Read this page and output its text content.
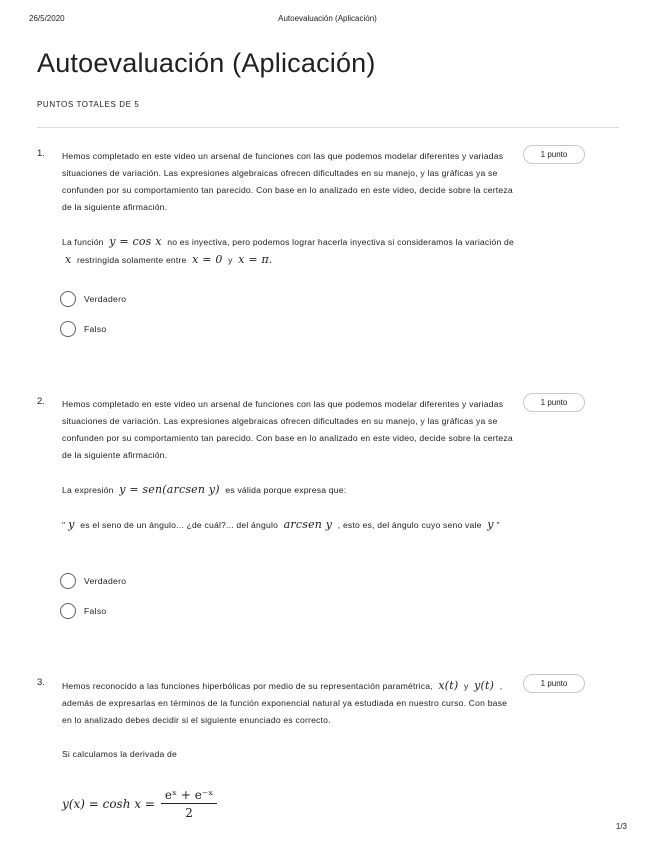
26/5/2020	Autoevaluación (Aplicación)
Autoevaluación (Aplicación)
PUNTOS TOTALES DE 5
1.	1 punto

Hemos completado en este video un arsenal de funciones con las que podemos modelar diferentes y variadas situaciones de variación. Las expresiones algebraicas ofrecen dificultades en su manejo, y las gráficas ya se confunden por su comportamiento tan parecido. Con base en lo analizado en este video, decide sobre la certeza de la siguiente afirmación.

La función y = cos x no es inyectiva, pero podemos lograr hacerla inyectiva si consideramos la variación de x restringida solamente entre x = 0 y x = π.

Verdadero
Falso
2.	1 punto

Hemos completado en este video un arsenal de funciones con las que podemos modelar diferentes y variadas situaciones de variación. Las expresiones algebraicas ofrecen dificultades en su manejo, y las gráficas ya se confunden por su comportamiento tan parecido. Con base en lo analizado en este video, decide sobre la certeza de la siguiente afirmación.

La expresión y = sen(arcsen y) es válida porque expresa que:

" y es el seno de un ángulo... ¿de cuál?... del ángulo arcsen y , esto es, del ángulo cuyo seno vale y "

Verdadero
Falso
3.	1 punto

Hemos reconocido a las funciones hiperbólicas por medio de su representación paramétrica, x(t) y y(t) , además de expresarlas en términos de la función exponencial natural ya estudiada en nuestro curso. Con base en lo analizado debes decidir si el siguiente enunciado es correcto.

Si calculamos la derivada de

$y(x) = \cosh x = \frac{\text{eˣ + e⁻ˣ}}{2}$
1/3
